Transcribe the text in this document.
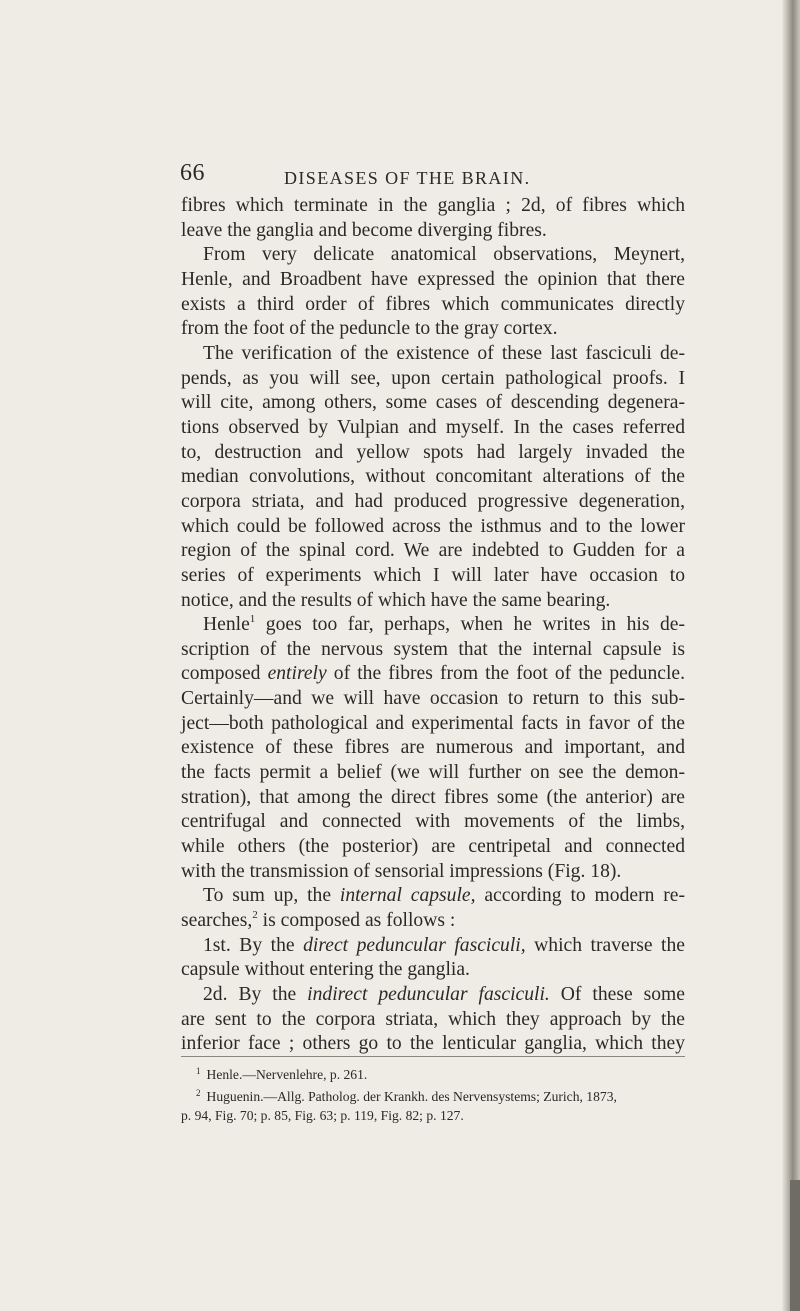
66	DISEASES OF THE BRAIN.
fibres which terminate in the ganglia ; 2d, of fibres which
leave the ganglia and become diverging fibres.
From very delicate anatomical observations, Meynert,
Henle, and Broadbent have expressed the opinion that there
exists a third order of fibres which communicates directly
from the foot of the peduncle to the gray cortex.
The verification of the existence of these last fasciculi de-
pends, as you will see, upon certain pathological proofs. I
will cite, among others, some cases of descending degenera-
tions observed by Vulpian and myself. In the cases referred
to, destruction and yellow spots had largely invaded the
median convolutions, without concomitant alterations of the
corpora striata, and had produced progressive degeneration,
which could be followed across the isthmus and to the lower
region of the spinal cord. We are indebted to Gudden for a
series of experiments which I will later have occasion to
notice, and the results of which have the same bearing.
Henle$^1$ goes too far, perhaps, when he writes in his de-
scription of the nervous system that the internal capsule is
composed entirely of the fibres from the foot of the peduncle.
Certainly—and we will have occasion to return to this sub-
ject—both pathological and experimental facts in favor of the
existence of these fibres are numerous and important, and
the facts permit a belief (we will further on see the demon-
stration), that among the direct fibres some (the anterior) are
centrifugal and connected with movements of the limbs,
while others (the posterior) are centripetal and connected
with the transmission of sensorial impressions (Fig. 18).
To sum up, the internal capsule, according to modern re-
searches,$^2$ is composed as follows :
1st. By the direct peduncular fasciculi, which traverse the
capsule without entering the ganglia.
2d. By the indirect peduncular fasciculi. Of these some
are sent to the corpora striata, which they approach by the
inferior face ; others go to the lenticular ganglia, which they
$^1$ Henle.—Nervenlehre, p. 261.
$^2$ Huguenin.—Allg. Patholog. der Krankh. des Nervensystems; Zurich, 1873,
p. 94, Fig. 70; p. 85, Fig. 63; p. 119, Fig. 82; p. 127.
